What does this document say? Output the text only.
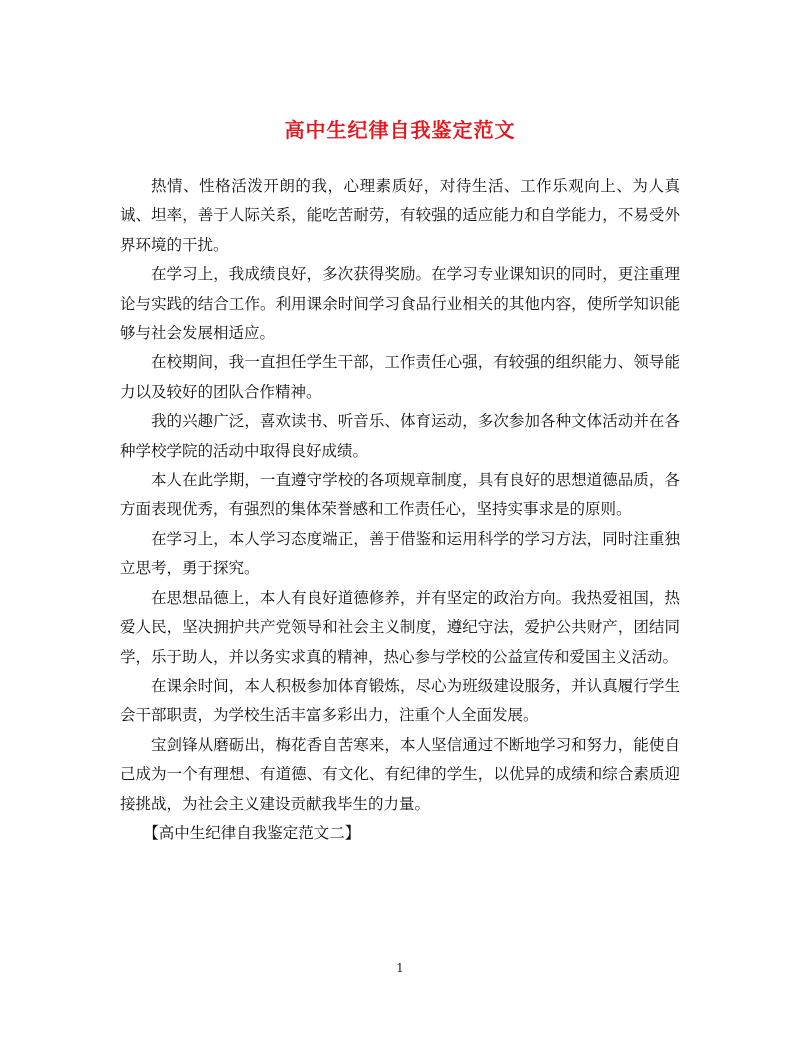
高中生纪律自我鉴定范文

热情、性格活泼开朗的我，心理素质好，对待生活、工作乐观向上、为人真诚、坦率，善于人际关系，能吃苦耐劳，有较强的适应能力和自学能力，不易受外界环境的干扰。

在学习上，我成绩良好，多次获得奖励。在学习专业课知识的同时，更注重理论与实践的结合工作。利用课余时间学习食品行业相关的其他内容，使所学知识能够与社会发展相适应。

在校期间，我一直担任学生干部，工作责任心强，有较强的组织能力、领导能力以及较好的团队合作精神。

我的兴趣广泛，喜欢读书、听音乐、体育运动，多次参加各种文体活动并在各种学校学院的活动中取得良好成绩。

本人在此学期，一直遵守学校的各项规章制度，具有良好的思想道德品质，各方面表现优秀，有强烈的集体荣誉感和工作责任心，坚持实事求是的原则。

在学习上，本人学习态度端正，善于借鉴和运用科学的学习方法，同时注重独立思考，勇于探究。

在思想品德上，本人有良好道德修养，并有坚定的政治方向。我热爱祖国，热爱人民，坚决拥护共产党领导和社会主义制度，遵纪守法，爱护公共财产，团结同学，乐于助人，并以务实求真的精神，热心参与学校的公益宣传和爱国主义活动。

在课余时间，本人积极参加体育锻炼，尽心为班级建设服务，并认真履行学生会干部职责，为学校生活丰富多彩出力，注重个人全面发展。

宝剑锋从磨砺出，梅花香自苦寒来，本人坚信通过不断地学习和努力，能使自己成为一个有理想、有道德、有文化、有纪律的学生，以优异的成绩和综合素质迎接挑战，为社会主义建设贡献我毕生的力量。

【高中生纪律自我鉴定范文二】

1
